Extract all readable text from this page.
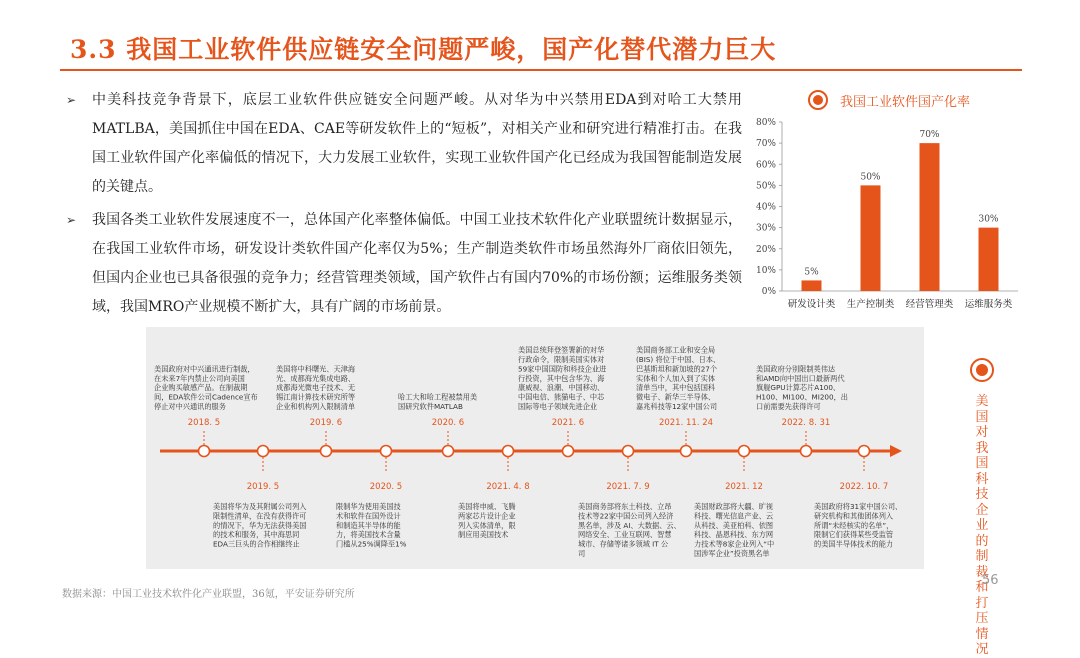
3.3 我国工业软件供应链安全问题严峻，国产化替代潜力巨大
➢ 中美科技竞争背景下，底层工业软件供应链安全问题严峻。从对华为中兴禁用EDA到对哈工大禁用MATLBA，美国抓住中国在EDA、CAE等研发软件上的“短板”，对相关产业和研究进行精准打击。在我国工业软件国产化率偏低的情况下，大力发展工业软件，实现工业软件国产化已经成为我国智能制造发展的关键点。
➢ 我国各类工业软件发展速度不一，总体国产化率整体偏低。中国工业技术软件化产业联盟统计数据显示，在我国工业软件市场，研发设计类软件国产化率仅为5%；生产制造类软件市场虽然海外厂商依旧领先，但国内企业也已具备很强的竞争力；经营管理类领域，国产软件占有国内70%的市场份额；运维服务类领域，我国MRO产业规模不断扩大，具有广阔的市场前景。
我国工业软件国产化率
0%
10%
20%
30%
40%
50%
60%
70%
80%
5%
研发设计类
50%
生产控制类
70%
经营管理类
30%
运维服务类
2018. 5
美国政府对中兴通讯进行制裁，
在未来7年内禁止公司向美国
企业购买敏感产品。在制裁期
间，EDA软件公司Cadence宣布
停止对中兴通讯的服务
2019. 6
美国将中科曙光、天津海
光、成都海光集成电路、
成都海光微电子技术、无
锡江南计算技术研究所等
企业和机构列入限制清单
2020. 6
哈工大和哈工程被禁用美
国研究软件MATLAB
2021. 6
美国总统拜登签署新的对华
行政命令，限制美国实体对
59家中国国防和科技企业进
行投资，其中包含华为、海
康威视、浪潮、中国移动、
中国电信、熊猫电子、中芯
国际等电子领域先进企业
2021. 11. 24
美国商务部工业和安全局
(BIS) 将位于中国、日本、
巴基斯坦和新加坡的27个
实体和个人加入到了实体
清单当中，其中包括国科
微电子、新华三半导体、
嘉兆科技等12家中国公司
2022. 8. 31
美国政府分别限制英伟达
和AMD向中国出口最新两代
旗舰GPU计算芯片A100、
H100、MI100、MI200，出
口前需要先获得许可
2019. 5
美国将华为及其附属公司列入
限制性清单，在没有获得许可
的情况下，华为无法获得美国
的技术和服务，其中海思同
EDA三巨头的合作相继终止
2020. 5
限制华为使用美国技
术和软件在国外设计
和制造其半导体的能
力，将美国技术含量
门槛从25%调降至1%
2021. 4. 8
美国将申威、飞腾
两家芯片设计企业
列入实体清单，限
制应用美国技术
2021. 7. 9
美国商务部将东土科技、立昂
技术等22家中国公司列入经济
黑名单，涉及 AI、大数据、云、
网络安全、工业互联网、智慧
城市、存储等诸多领域 IT 公
司
2021. 12
美国财政部将大疆、旷视
科技、曙光信息产业、云
从科技、美亚柏科、依图
科技、晶恩科技、东方网
力技术等8家企业列入“中
国涉军企业”投资黑名单
2022. 10. 7
美国政府将31家中国公司、
研究机构和其他团体列入
所谓“未经核实的名单”，
限制它们获得某些受监管
的美国半导体技术的能力
美国对我国科技企业的制裁和打压情况
数据来源：中国工业技术软件化产业联盟，36氪，平安证券研究所
56
